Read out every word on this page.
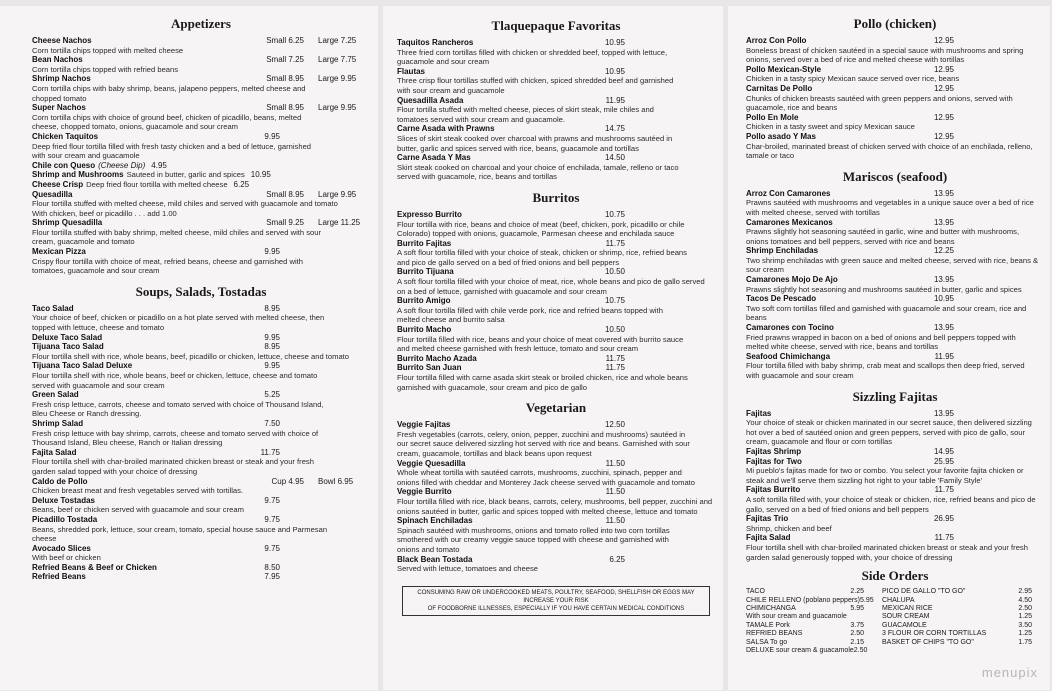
Appetizers
Cheese Nachos	Small 6.25 Large 7.25
Corn tortilla chips topped with melted cheese
Bean Nachos	Small 7.25 Large 7.75
Corn tortilla chips topped with refried beans
Shrimp Nachos	Small 8.95 Large 9.95
Corn tortilla chips with baby shrimp, beans, jalapeno peppers, melted cheese and
chopped tomato
Super Nachos	Small 8.95 Large 9.95
Corn tortilla chips with choice of ground beef, chicken of picadillo, beans, melted
cheese, chopped tomato, onions, guacamole and sour cream
Chicken Taquitos	9.95
Deep fried flour tortilla filled with fresh tasty chicken and a bed of lettuce, garnished
with sour cream and guacamole
Chile con Queso (Cheese Dip) 4.95
Shrimp and Mushrooms Sauteed in butter, garlic and spices 10.95
Cheese Crisp Deep fried flour tortilla with melted cheese 6.25
Quesadilla	Small 8.95 Large 9.95
Flour tortilla stuffed with melted cheese, mild chiles and served with guacamole and tomato
With chicken, beef or picadillo . . . add 1.00
Shrimp Quesadilla	Small 9.25 Large 11.25
Flour tortilla stuffed with baby shrimp, melted cheese, mild chiles and served with sour
cream, guacamole and tomato
Mexican Pizza	9.95
Crispy flour tortilla with choice of meat, refried beans, cheese and garnished with
tomatoes, guacamole and sour cream
Soups, Salads, Tostadas
Taco Salad	8.95
Your choice of beef, chicken or picadillo on a hot plate served with melted cheese, then
topped with lettuce, cheese and tomato
Deluxe Taco Salad	9.95
Tijuana Taco Salad	8.95
Flour tortilla shell with rice, whole beans, beef, picadillo or chicken, lettuce, cheese and tomato
Tijuana Taco Salad Deluxe	9.95
Flour tortilla shell with rice, whole beans, beef or chicken, lettuce, cheese and tomato
served with guacamole and sour cream
Green Salad	5.25
Fresh crisp lettuce, carrots, cheese and tomato served with choice of Thousand Island,
Bleu Cheese or Ranch dressing.
Shrimp Salad	7.50
Fresh crisp lettuce with bay shrimp, carrots, cheese and tomato served with choice of
Thousand Island, Bleu cheese, Ranch or Italian dressing
Fajita Salad	11.75
Flour tortilla shell with char-broiled marinated chicken breast or steak and your fresh
garden salad topped with your choice of dressing
Caldo de Pollo	Cup 4.95 Bowl 6.95
Chicken breast meat and fresh vegetables served with tortillas.
Deluxe Tostadas	9.75
Beans, beef or chicken served with guacamole and sour cream
Picadillo Tostada	9.75
Beans, shredded pork, lettuce, sour cream, tomato, special house sauce and Parmesan
cheese
Avocado Slices	9.75
With beef or chicken
Refried Beans & Beef or Chicken	8.50
Refried Beans	7.95
Tlaquepaque Favoritas
Taquitos Rancheros	10.95
Three fried corn tortillas filled with chicken or shredded beef, topped with lettuce,
guacamole and sour cream
Flautas	10.95
Three crisp flour tortillas stuffed with chicken, spiced shredded beef and garnished
with sour cream and guacamole
Quesadilla Asada	11.95
Flour tortilla stuffed with melted cheese, pieces of skirt steak, mile chiles and
tomatoes served with sour cream and guacamole.
Carne Asada with Prawns	14.75
Slices of skirt steak cooked over charcoal with prawns and mushrooms sautéed in
butter, garlic and spices served with rice, beans, guacamole and tortillas
Carne Asada Y Mas	14.50
Skirt steak cooked on charcoal and your choice of enchilada, tamale, relleno or taco
served with guacamole, rice, beans and tortillas
Burritos
Expresso Burrito	10.75
Flour tortilla with rice, beans and choice of meat (beef, chicken, pork, picadillo or chile
Colorado) topped with onions, guacamole, Parmesan cheese and enchilada sauce
Burrito Fajitas	11.75
A soft flour tortilla filled with your choice of steak, chicken or shrimp, rice, refried beans
and pico de gallo served on a bed of fried onions and bell peppers
Burrito Tijuana	10.50
A soft flour tortilla filled with your choice of meat, rice, whole beans and pico de gallo served
on a bed of lettuce, garnished with guacamole and sour cream
Burrito Amigo	10.75
A soft flour tortilla filled with chile verde pork, rice and refried beans topped with
melted cheese and burrito salsa
Burrito Macho	10.50
Flour tortilla filled with rice, beans and your choice of meat covered with burrito sauce
and melted cheese garnished with fresh lettuce, tomato and sour cream
Burrito Macho Azada	11.75
Burrito San Juan	11.75
Flour tortilla filled with carne asada skirt steak or broiled chicken, rice and whole beans
garnished with guacamole, sour cream and pico de gallo
Vegetarian
Veggie Fajitas	12.50
Fresh vegetables (carrots, celery, onion, pepper, zucchini and mushrooms) sautéed in
our secret sauce delivered sizzling hot served with rice and beans. Garnished with sour
cream, guacamole, tortillas and black beans upon request
Veggie Quesadilla	11.50
Whole wheat tortilla with sautéed carrots, mushrooms, zucchini, spinach, pepper and
onions filled with cheddar and Monterey Jack cheese served with guacamole and tomato
Veggie Burrito	11.50
Flour tortilla filled with rice, black beans, carrots, celery, mushrooms, bell pepper, zucchini and
onions sautéed in butter, garlic and spices topped with melted cheese, lettuce and tomato
Spinach Enchiladas	11.50
Spinach sautéed with mushrooms, onions and tomato rolled into two corn tortillas
smothered with our creamy veggie sauce topped with cheese and garnished with
onions and tomato
Black Bean Tostada	6.25
Served with lettuce, tomatoes and cheese
CONSUMING RAW OR UNDERCOOKED MEATS, POULTRY, SEAFOOD, SHELLFISH OR EGGS MAY INCREASE YOUR RISK
OF FOODBORNE ILLNESSES, ESPECIALLY IF YOU HAVE CERTAIN MEDICAL CONDITIONS
Pollo (chicken)
Arroz Con Pollo	12.95
Boneless breast of chicken sautéed in a special sauce with mushrooms and spring
onions, served over a bed of rice and melted cheese with tortillas
Pollo Mexican-Style	12.95
Chicken in a tasty spicy Mexican sauce served over rice, beans
Carnitas De Pollo	12.95
Chunks of chicken breasts sautéed with green peppers and onions, served with
guacamole, rice and beans
Pollo En Mole	12.95
Chicken in a tasty sweet and spicy Mexican sauce
Pollo asado Y Mas	12.95
Char-broiled, marinated breast of chicken served with choice of an enchilada, relleno,
tamale or taco
Mariscos (seafood)
Arroz Con Camarones	13.95
Prawns sautéed with mushrooms and vegetables in a unique sauce over a bed of rice
with melted cheese, served with tortillas
Camarones Mexicanos	13.95
Prawns slightly hot seasoning sautéed in garlic, wine and butter with mushrooms,
onions tomatoes and bell peppers, served with rice and beans
Shrimp Enchiladas	12.25
Two shrimp enchiladas with green sauce and melted cheese, served with rice, beans & sour cream
Camarones Mojo De Ajo	13.95
Prawns slightly hot seasoning and mushrooms sautéed in butter, garlic and spices
Tacos De Pescado	10.95
Two soft corn tortillas filled and garnished with guacamole and sour cream, rice and beans
Camarones con Tocino	13.95
Fried prawns wrapped in bacon on a bed of onions and bell peppers topped with
melted white cheese, served with rice, beans and tortillas
Seafood Chimichanga	11.95
Flour tortilla filled with baby shrimp, crab meat and scallops then deep fried, served
with guacamole and sour cream
Sizzling Fajitas
Fajitas	13.95
Your choice of steak or chicken marinated in our secret sauce, then delivered sizzling
hot over a bed of sautéed onion and green peppers, served with pico de gallo, sour
cream, guacamole and flour or corn tortillas
Fajitas Shrimp	14.95
Fajitas for Two	25.95
Mi pueblo's fajitas made for two or combo. You select your favorite fajita chicken or
steak and we'll serve them sizzling hot right to your table 'Family Style'
Fajitas Burrito	11.75
A soft tortilla filled with, your choice of steak or chicken, rice, refried beans and pico de
gallo, served on a bed of fried onions and bell peppers
Fajitas Trio	26.95
Shrimp, chicken and beef
Fajita Salad	11.75
Flour tortilla shell with char-broiled marinated chicken breast or steak and your fresh
garden salad generously topped with, your choice of dressing
Side Orders
TACO	2.25
CHILE RELLENO (poblano peppers) 5.95
CHIMICHANGA	5.95
With sour cream and guacamole
TAMALE Pork	3.75
REFRIED BEANS	2.50
SALSA To go	2.15
DELUXE sour cream & guacamole 2.50
PICO DE GALLO "TO GO"	2.95
CHALUPA	4.50
MEXICAN RICE	2.50
SOUR CREAM	1.25
GUACAMOLE	3.50
3 FLOUR OR CORN TORTILLAS	1.25
BASKET OF CHIPS "TO GO"	1.75
menupix
